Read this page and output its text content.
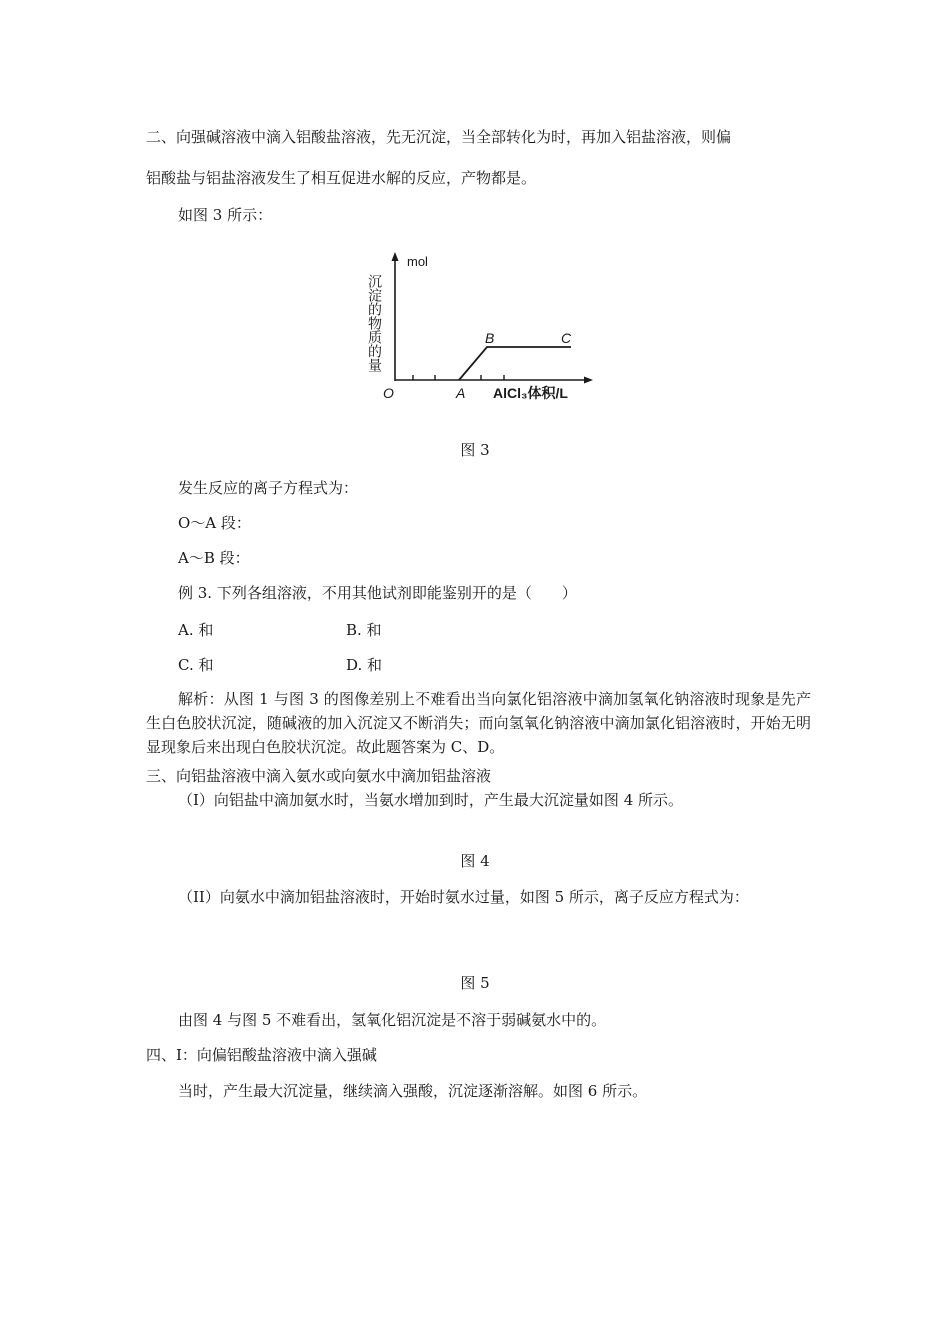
二、向强碱溶液中滴入铝酸盐溶液，先无沉淀，当全部转化为时，再加入铝盐溶液，则偏
铝酸盐与铝盐溶液发生了相互促进水解的反应，产物都是。
如图 3 所示：
mol
沉淀的物质的量
O	A
B	C
AlCl₃体积/L
图 3
发生反应的离子方程式为：
O～A 段：
A～B 段：
例 3. 下列各组溶液，不用其他试剂即能鉴别开的是（　　）
A. 和	B. 和
C. 和	D. 和
解析：从图 1 与图 3 的图像差别上不难看出当向氯化铝溶液中滴加氢氧化钠溶液时现象是先产生白色胶状沉淀，随碱液的加入沉淀又不断消失；而向氢氧化钠溶液中滴加氯化铝溶液时，开始无明显现象后来出现白色胶状沉淀。故此题答案为 C、D。
三、向铝盐溶液中滴入氨水或向氨水中滴加铝盐溶液
（I）向铝盐中滴加氨水时，当氨水增加到时，产生最大沉淀量如图 4 所示。
图 4
（II）向氨水中滴加铝盐溶液时，开始时氨水过量，如图 5 所示，离子反应方程式为：
图 5
由图 4 与图 5 不难看出，氢氧化铝沉淀是不溶于弱碱氨水中的。
四、I：向偏铝酸盐溶液中滴入强碱
当时，产生最大沉淀量，继续滴入强酸，沉淀逐渐溶解。如图 6 所示。
